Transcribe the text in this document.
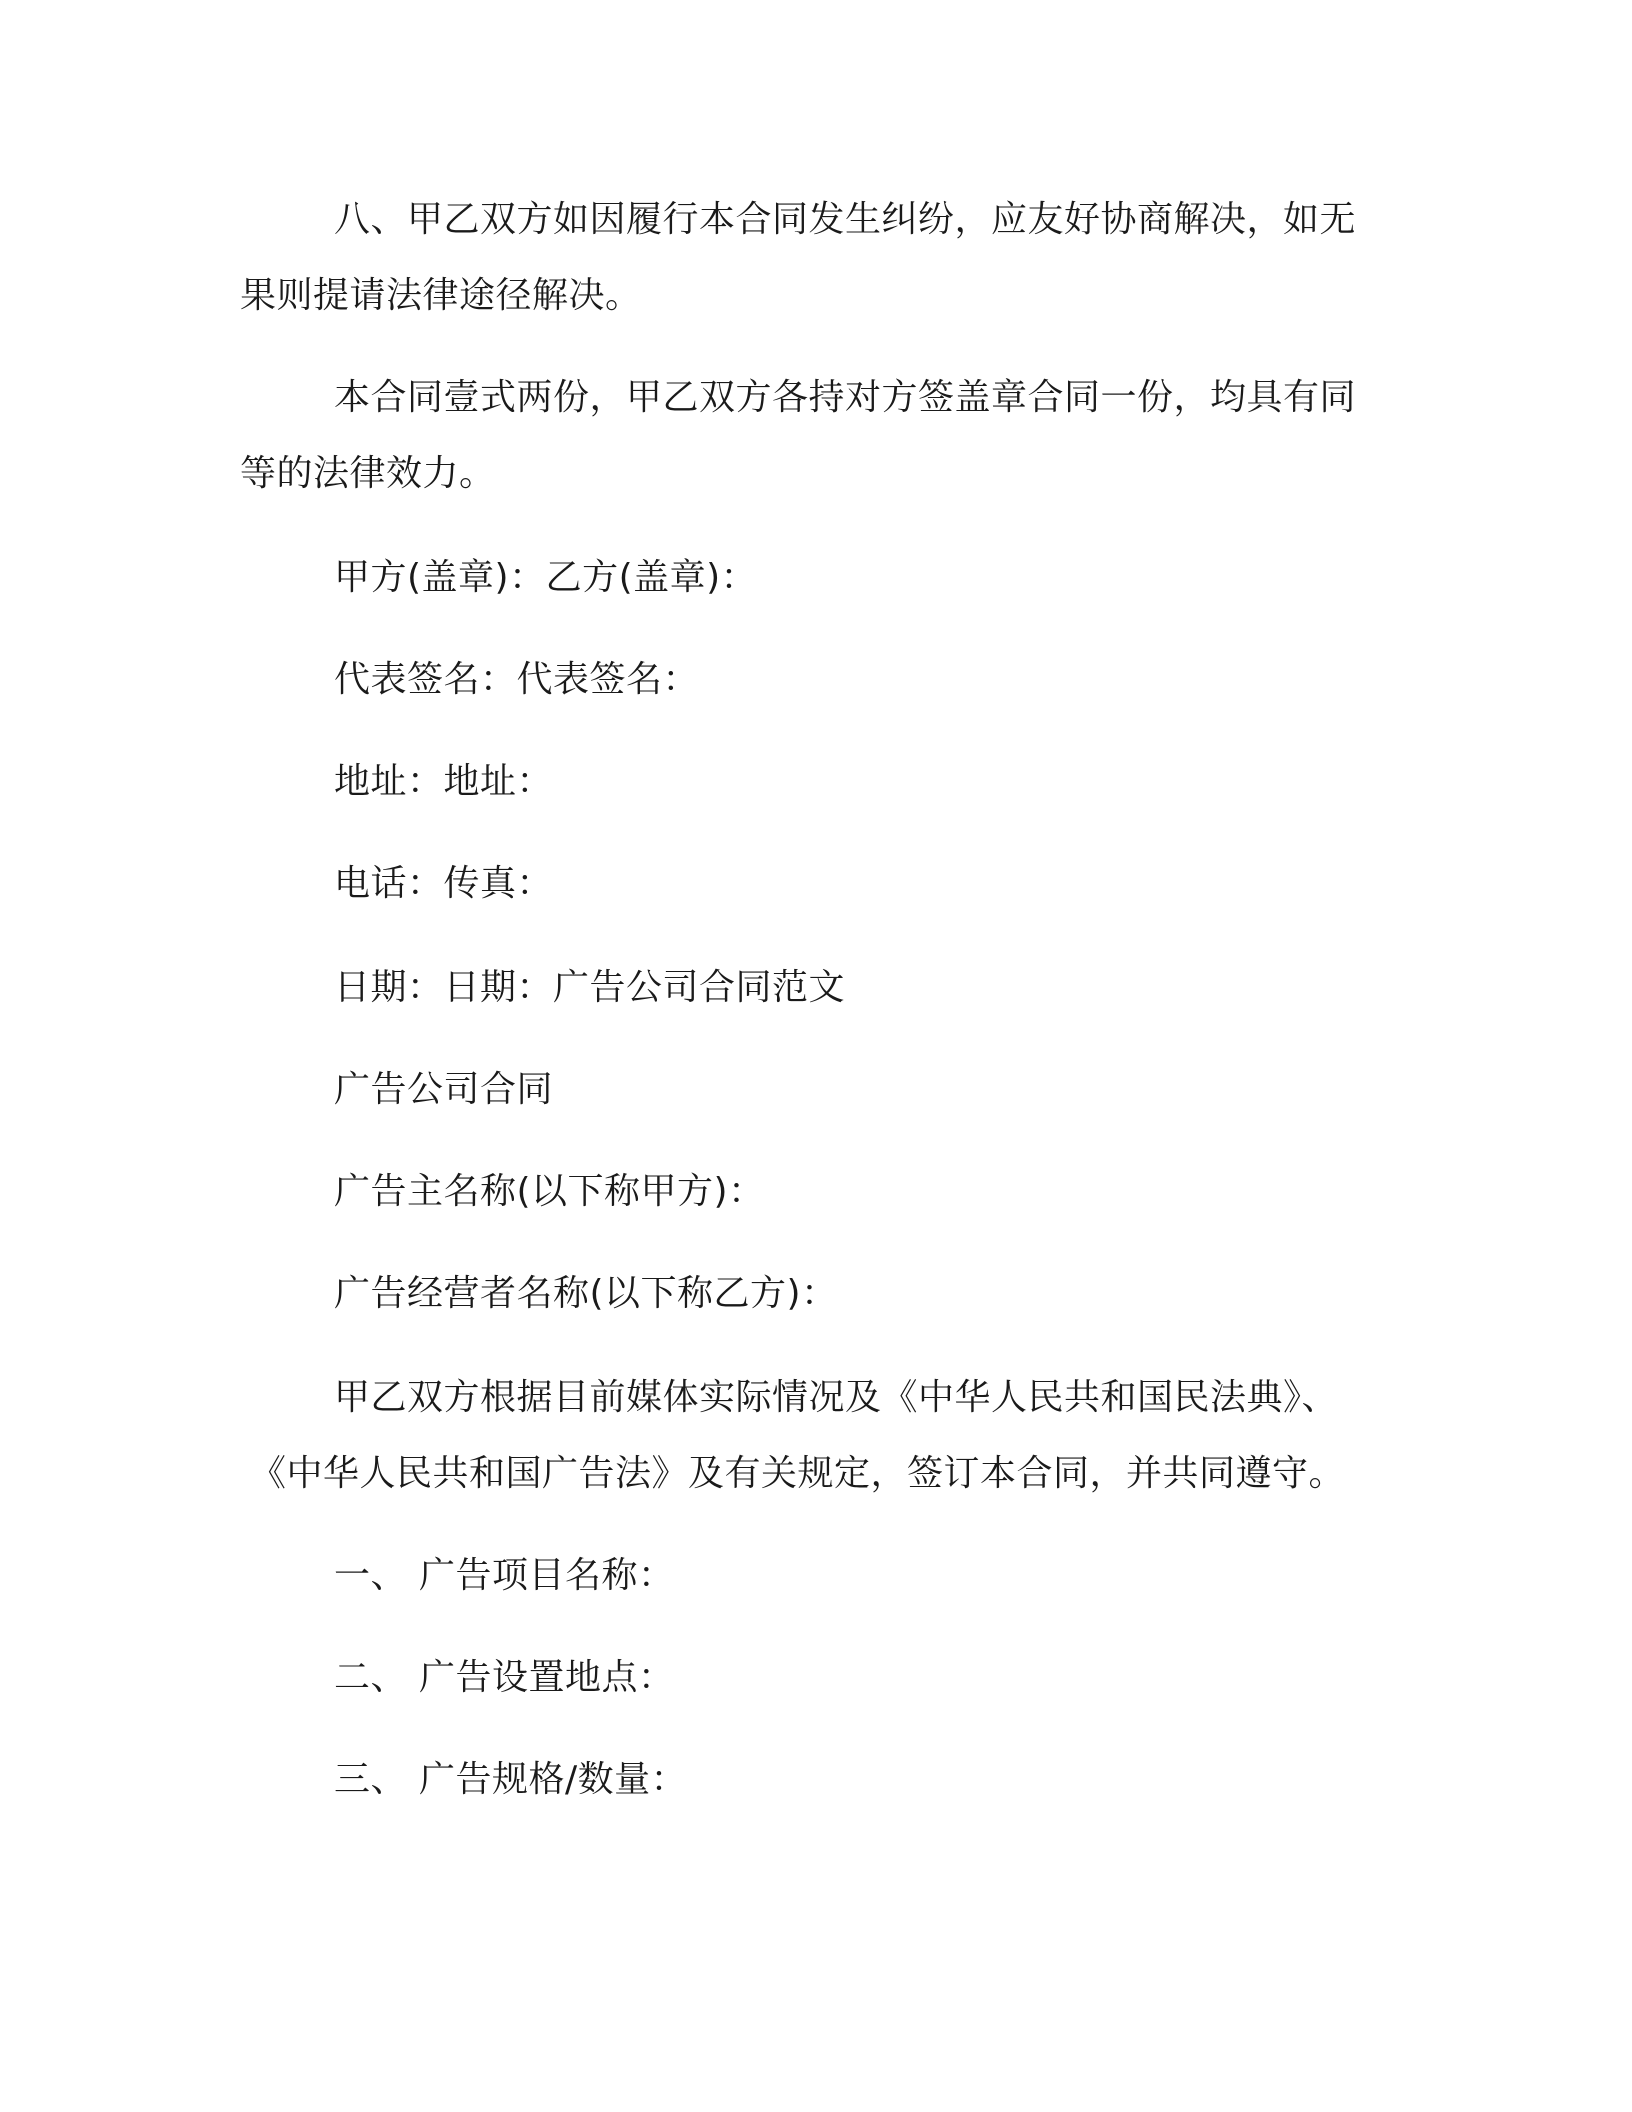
八、甲乙双方如因履行本合同发生纠纷，应友好协商解决，如无
果则提请法律途径解决。
本合同壹式两份，甲乙双方各持对方签盖章合同一份，均具有同
等的法律效力。
甲方(盖章)：乙方(盖章)：
代表签名：代表签名：
地址：地址：
电话：传真：
日期：日期：广告公司合同范文
广告公司合同
广告主名称(以下称甲方)：
广告经营者名称(以下称乙方)：
甲乙双方根据目前媒体实际情况及《中华人民共和国民法典》、
《中华人民共和国广告法》及有关规定，签订本合同，并共同遵守。
一、 广告项目名称：
二、 广告设置地点：
三、 广告规格/数量：
